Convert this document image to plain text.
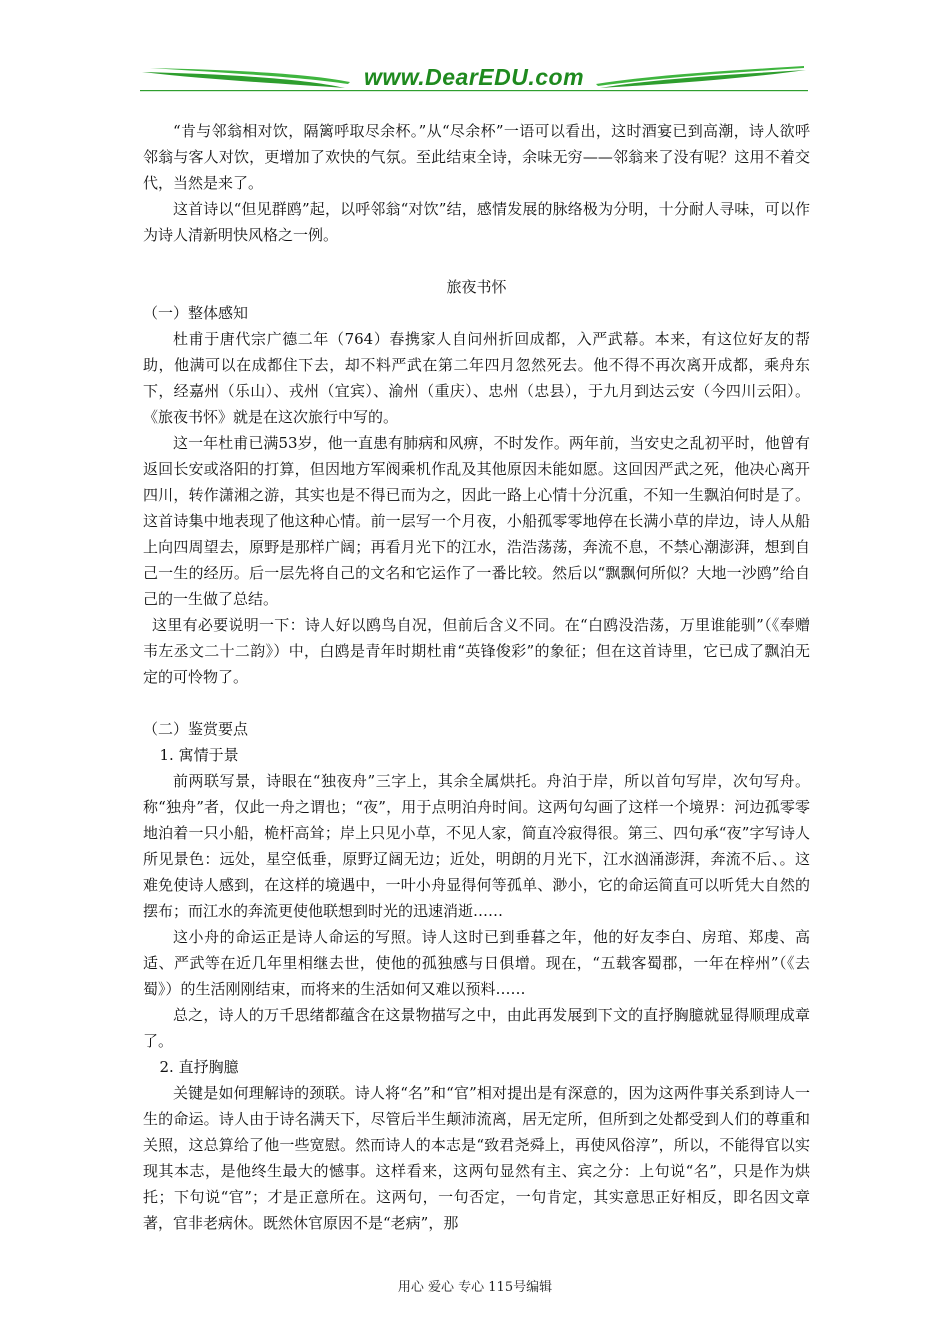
www.DearEDU.com

“肯与邻翁相对饮，隔篱呼取尽余杯。”从“尽余杯”一语可以看出，这时酒宴已到高潮，诗人欲呼邻翁与客人对饮，更增加了欢快的气氛。至此结束全诗，余味无穷——邻翁来了没有呢？这用不着交代，当然是来了。

这首诗以“但见群鸥”起，以呼邻翁“对饮”结，感情发展的脉络极为分明，十分耐人寻味，可以作为诗人清新明快风格之一例。

旅夜书怀

（一）整体感知

杜甫于唐代宗广德二年（764）春携家人自问州折回成都，入严武幕。本来，有这位好友的帮助，他满可以在成都住下去，却不料严武在第二年四月忽然死去。他不得不再次离开成都，乘舟东下，经嘉州（乐山）、戎州（宜宾）、渝州（重庆）、忠州（忠县），于九月到达云安（今四川云阳）。《旅夜书怀》就是在这次旅行中写的。

这一年杜甫已满53岁，他一直患有肺病和风痹，不时发作。两年前，当安史之乱初平时，他曾有返回长安或洛阳的打算，但因地方军阀乘机作乱及其他原因未能如愿。这回因严武之死，他决心离开四川，转作潇湘之游，其实也是不得已而为之，因此一路上心情十分沉重，不知一生飘泊何时是了。这首诗集中地表现了他这种心情。前一层写一个月夜，小船孤零零地停在长满小草的岸边，诗人从船上向四周望去，原野是那样广阔；再看月光下的江水，浩浩荡荡，奔流不息，不禁心潮澎湃，想到自己一生的经历。后一层先将自己的文名和它运作了一番比较。然后以“飘飘何所似？大地一沙鸥”给自己的一生做了总结。

这里有必要说明一下：诗人好以鸥鸟自况，但前后含义不同。在“白鸥没浩荡，万里谁能驯”（《奉赠韦左丞文二十二韵》）中，白鸥是青年时期杜甫“英锋俊彩”的象征；但在这首诗里，它已成了飘泊无定的可怜物了。

（二）鉴赏要点

1. 寓情于景

前两联写景，诗眼在“独夜舟”三字上，其余全属烘托。舟泊于岸，所以首句写岸，次句写舟。称“独舟”者，仅此一舟之谓也；“夜”，用于点明泊舟时间。这两句勾画了这样一个境界：河边孤零零地泊着一只小船，桅杆高耸；岸上只见小草，不见人家，简直冷寂得很。第三、四句承“夜”字写诗人所见景色：远处，星空低垂，原野辽阔无边；近处，明朗的月光下，江水汹涌澎湃，奔流不后、。这难免使诗人感到，在这样的境遇中，一叶小舟显得何等孤单、渺小，它的命运简直可以听凭大自然的摆布；而江水的奔流更使他联想到时光的迅速消逝……

这小舟的命运正是诗人命运的写照。诗人这时已到垂暮之年，他的好友李白、房琯、郑虔、高适、严武等在近几年里相继去世，使他的孤独感与日俱增。现在，“五载客蜀郡，一年在梓州”（《去蜀》）的生活刚刚结束，而将来的生活如何又难以预料……

总之，诗人的万千思绪都蕴含在这景物描写之中，由此再发展到下文的直抒胸臆就显得顺理成章了。

2. 直抒胸臆

关键是如何理解诗的颈联。诗人将“名”和“官”相对提出是有深意的，因为这两件事关系到诗人一生的命运。诗人由于诗名满天下，尽管后半生颠沛流离，居无定所，但所到之处都受到人们的尊重和关照，这总算给了他一些宽慰。然而诗人的本志是“致君尧舜上，再使风俗淳”，所以，不能得官以实现其本志，是他终生最大的憾事。这样看来，这两句显然有主、宾之分：上句说“名”，只是作为烘托；下句说“官”；才是正意所在。这两句，一句否定，一句肯定，其实意思正好相反，即名因文章著，官非老病休。既然休官原因不是“老病”，那

用心 爱心 专心 115号编辑
